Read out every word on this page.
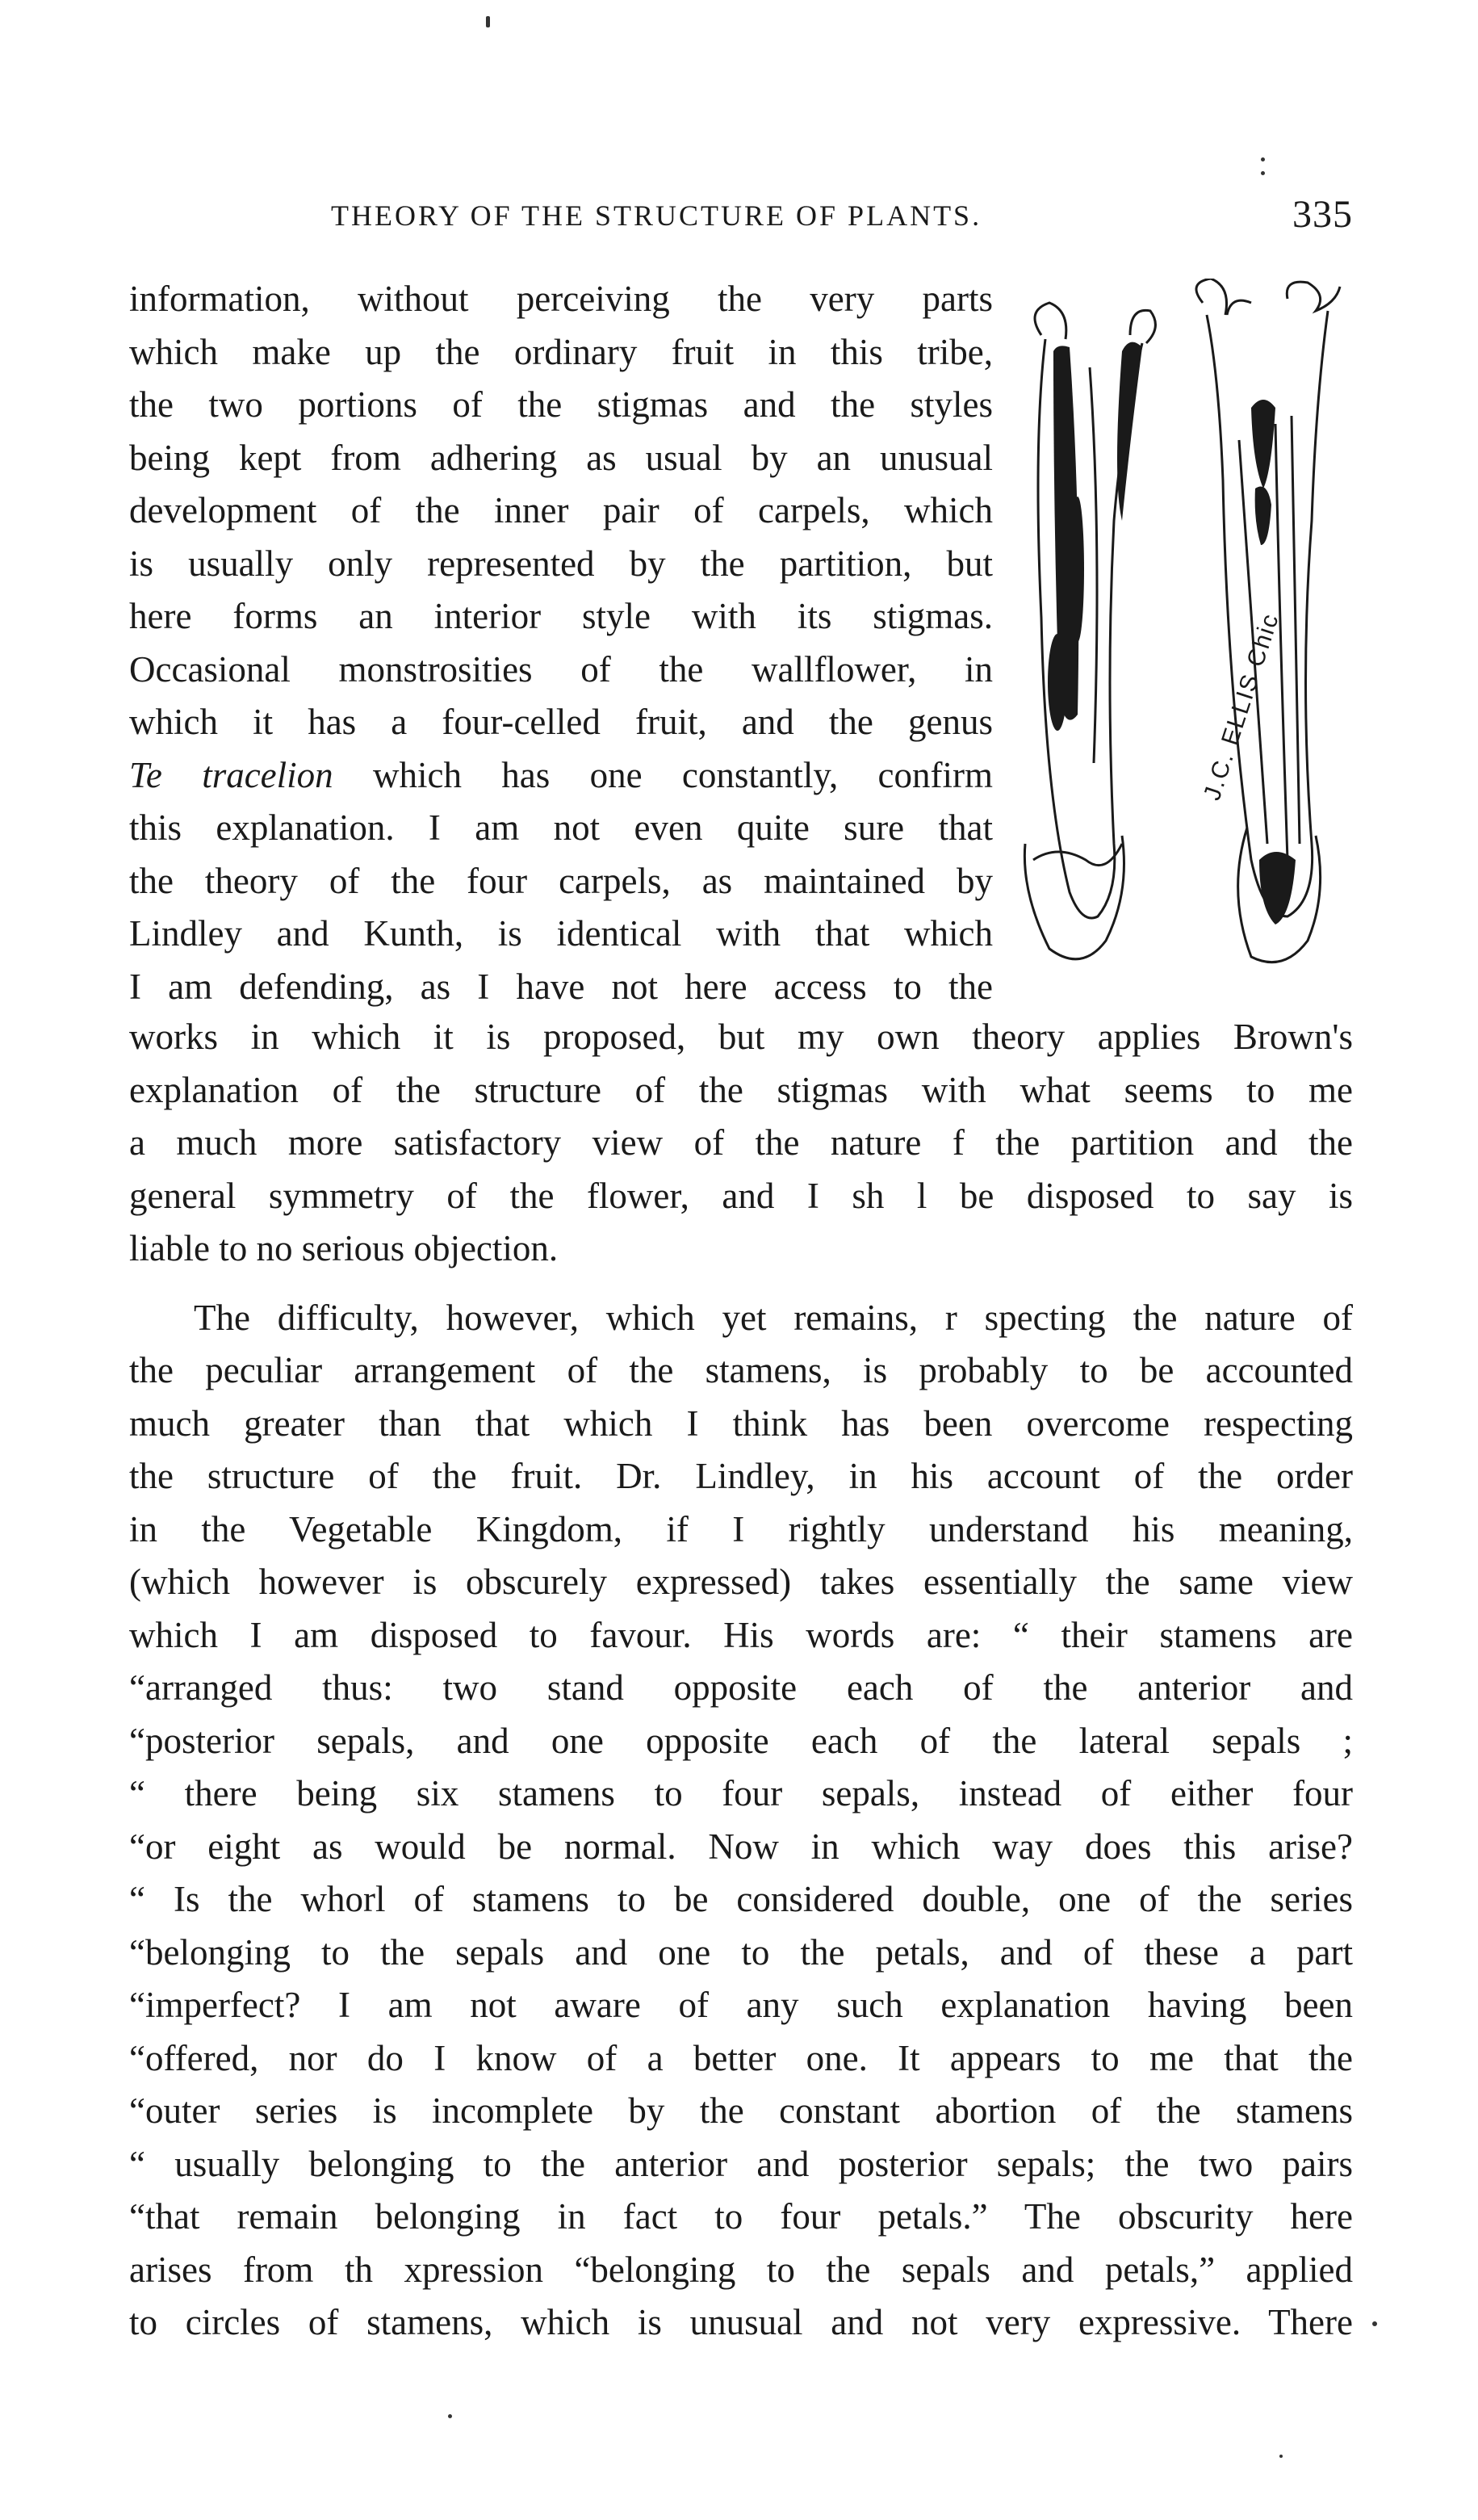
THEORY OF THE STRUCTURE OF PLANTS.	335
information, without perceiving the very parts
which make up the ordinary fruit in this tribe,
the two portions of the stigmas and the styles
being kept from adhering as usual by an unusual
development of the inner pair of carpels, which
is usually only represented by the partition, but
here forms an interior style with its stigmas.
Occasional monstrosities of the wallflower, in
which it has a four-celled fruit, and the genus
Te tracelion which has one constantly, confirm
this explanation. I am not even quite sure that
the theory of the four carpels, as maintained by
Lindley and Kunth, is identical with that which
I am defending, as I have not here access to the
J.C. ELLIS Chic
works in which it is proposed, but my own theory applies Brown's
explanation of the structure of the stigmas with what seems to me
a much more satisfactory view of the nature f the partition and the
general symmetry of the flower, and I sh l be disposed to say is
liable to no serious objection.
The difficulty, however, which yet remains, r specting the nature of
the peculiar arrangement of the stamens, is probably to be accounted
much greater than that which I think has been overcome respecting
the structure of the fruit. Dr. Lindley, in his account of the order
in the Vegetable Kingdom, if I rightly understand his meaning,
(which however is obscurely expressed) takes essentially the same view
which I am disposed to favour. His words are: “ their stamens are
“arranged thus: two stand opposite each of the anterior and
“posterior sepals, and one opposite each of the lateral sepals ;
“ there being six stamens to four sepals, instead of either four
“or eight as would be normal. Now in which way does this arise?
“ Is the whorl of stamens to be considered double, one of the series
“belonging to the sepals and one to the petals, and of these a part
“imperfect? I am not aware of any such explanation having been
“offered, nor do I know of a better one. It appears to me that the
“outer series is incomplete by the constant abortion of the stamens
“ usually belonging to the anterior and posterior sepals; the two pairs
“that remain belonging in fact to four petals.” The obscurity here
arises from th xpression “belonging to the sepals and petals,” applied
to circles of stamens, which is unusual and not very expressive. There
